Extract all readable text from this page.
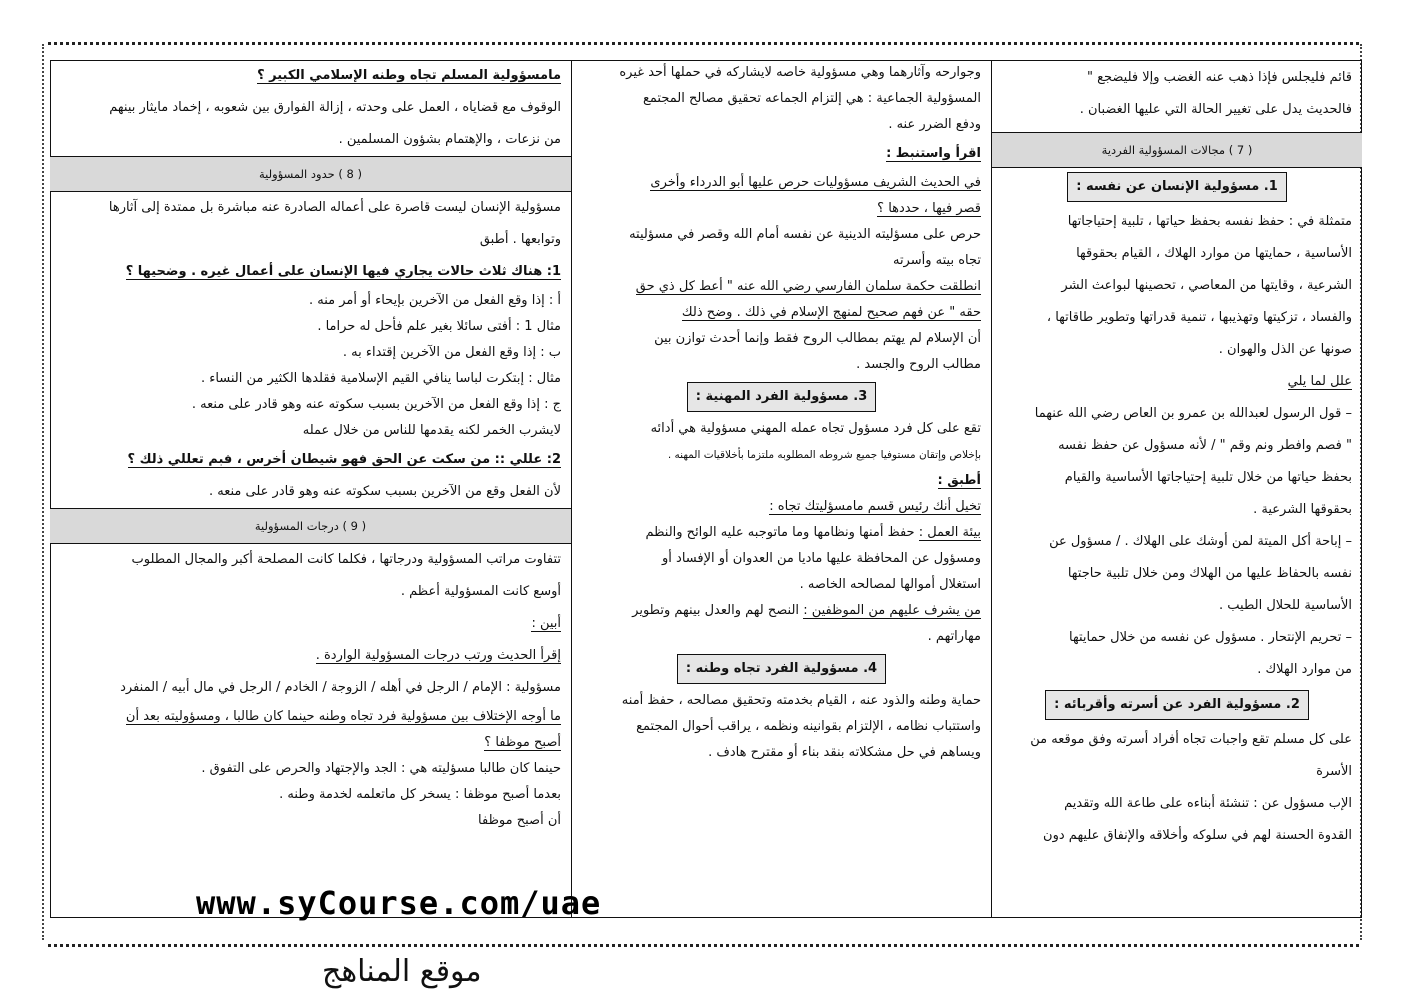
قائم فليجلس فإذا ذهب عنه الغضب وإلا فليضجع "
فالحديث يدل على تغيير الحالة التي عليها الغضبان .
( 7 ) مجالات المسؤولية الفردية
1. مسؤولية الإنسان عن نفسه :
متمثلة في : حفظ نفسه بحفظ حياتها ، تلبية إحتياجاتها
الأساسية ، حمايتها من موارد الهلاك ، القيام بحقوقها
الشرعية ، وقايتها من المعاصي ، تحصينها لبواعث الشر
والفساد ، تزكيتها وتهذيبها ، تنمية قدراتها وتطوير طاقاتها ،
صونها عن الذل والهوان .
علل لما يلي
– قول الرسول لعبدالله بن عمرو بن العاص رضي الله عنهما
" فصم وافطر ونم وقم " / لأنه مسؤول عن حفظ نفسه
بحفظ حياتها من خلال تلبية إحتياجاتها الأساسية والقيام
بحقوقها الشرعية .
– إباحة أكل الميتة لمن أوشك على الهلاك . / مسؤول عن
نفسه بالحفاظ عليها من الهلاك ومن خلال تلبية حاجتها
الأساسية للحلال الطيب .
– تحريم الإنتحار . مسؤول عن نفسه من خلال حمايتها
من موارد الهلاك .
2. مسؤولية الفرد عن أسرته وأقربائه :
على كل مسلم تقع واجبات تجاه أفراد أسرته وفق موقعه من
الأسرة
الإب مسؤول عن : تنشئة أبناءه على طاعة الله وتقديم
القدوة الحسنة لهم في سلوكه وأخلاقه والإنفاق عليهم دون
وجوارحه وآثارهما وهي مسؤولية خاصه لايشاركه في حملها أحد غيره
المسؤولية الجماعية : هي إلتزام الجماعه تحقيق مصالح المجتمع
ودفع الضرر عنه .
اقرأ واستنبط :
في الحديث الشريف مسؤوليات حرص عليها أبو الدرداء وأخرى
قصر فيها ، حددها ؟
حرص على مسؤليته الدينية عن نفسه أمام الله وقصر في مسؤليته
تجاه بيته وأسرته
انطلقت حكمة سلمان الفارسي رضي الله عنه " أعط كل ذي حق
حقه " عن فهم صحيح لمنهج الإسلام في ذلك . وضح ذلك
أن الإسلام لم يهتم بمطالب الروح فقط وإنما أحدث توازن بين
مطالب الروح والجسد .
3. مسؤولية الفرد المهنية :
تقع على كل فرد مسؤول تجاه عمله المهني مسؤولية هي أدائه
بإخلاص وإتقان مستوفيا جميع شروطه المطلوبه ملتزما بأخلاقيات المهنه .
أطبق :
تخيل أنك رئيس قسم مامسؤليتك تجاه :
بيئة العمل : حفظ أمنها ونظامها وما ماتوجبه عليه الوائح والنظم
ومسؤول عن المحافظة عليها ماديا من العدوان أو الإفساد أو
استغلال أموالها لمصالحه الخاصه .
من يشرف عليهم من الموظفين : النصح لهم والعدل بينهم وتطوير
مهاراتهم .
4. مسؤولية الفرد تجاه وطنه :
حماية وطنه والذود عنه ، القيام بخدمته وتحقيق مصالحه ، حفظ أمنه
واستتباب نظامه ، الإلتزام بقوانينه ونظمه ، يراقب أحوال المجتمع
ويساهم في حل مشكلاته بنقد بناء أو مقترح هادف .
مامسؤولية المسلم تجاه وطنه الإسلامي الكبير ؟
الوقوف مع قضاياه ، العمل على وحدته ، إزالة الفوارق بين شعوبه ، إخماد مايثار بينهم
من نزعات ، والإهتمام بشؤون المسلمين .
( 8 ) حدود المسؤولية
مسؤولية الإنسان ليست قاصرة على أعماله الصادرة عنه مباشرة بل ممتدة إلى آثارها
وتوابعها . أطبق
1: هناك ثلاث حالات يجاري فيها الإنسان على أعمال غيره . وضحيها ؟
أ : إذا وقع الفعل من الآخرين بإيحاء أو أمر منه .
مثال 1 : أفتى سائلا بغير علم فأحل له حراما .
ب : إذا وقع الفعل من الآخرين إقتداء به .
مثال : إبتكرت لباسا ينافي القيم الإسلامية فقلدها الكثير من النساء .
ج : إذا وقع الفعل من الآخرين بسبب سكوته عنه وهو قادر على منعه .
لايشرب الخمر لكنه يقدمها للناس من خلال عمله
2: عللي :: من سكت عن الحق فهو شيطان أخرس ، فبم تعللي ذلك ؟
لأن الفعل وقع من الآخرين بسبب سكوته عنه وهو قادر على منعه .
( 9 ) درجات المسؤولية
تتفاوت مراتب المسؤولية ودرجاتها ، فكلما كانت المصلحة أكبر والمجال المطلوب
أوسع كانت المسؤولية أعظم .
أبين :
إقرأ الحديث ورتب درجات المسؤولية الواردة .
مسؤولية : الإمام / الرجل في أهله / الزوجة / الخادم / الرجل في مال أبيه / المنفرد
ما أوجه الإختلاف بين مسؤولية فرد تجاه وطنه حينما كان طالبا ، ومسؤوليته بعد أن
أصبح موظفا ؟
حينما كان طالبا مسؤليته هي : الجد والإجتهاد والحرص على التفوق .
بعدما أصبح موظفا : يسخر كل ماتعلمه لخدمة وطنه .
أن أصبح موظفا
www.syCourse.com/uae
موقع المناهج
